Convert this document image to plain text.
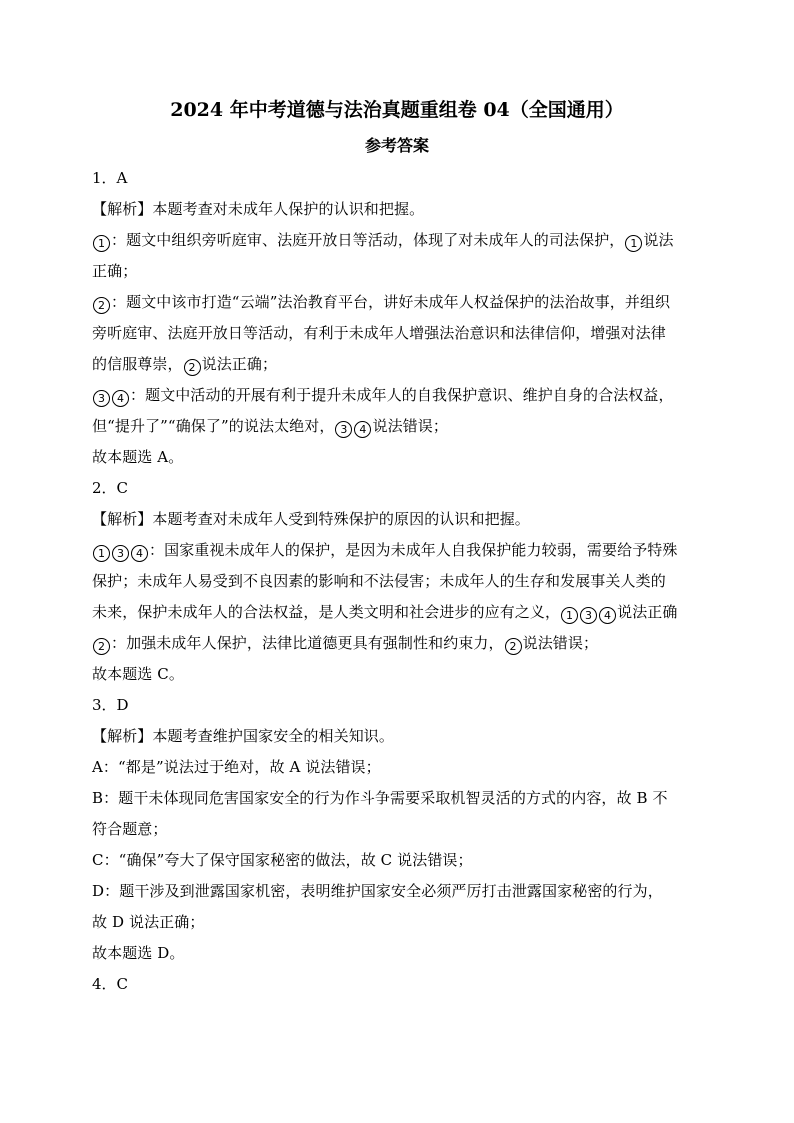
2024 年中考道德与法治真题重组卷 04（全国通用）
参考答案
1．A
【解析】本题考查对未成年人保护的认识和把握。
1 ：题文中组织旁听庭审、法庭开放日等活动，体现了对未成年人的司法保护， 1 说法
正确；
2 ：题文中该市打造“云端”法治教育平台，讲好未成年人权益保护的法治故事，并组织
旁听庭审、法庭开放日等活动，有利于未成年人增强法治意识和法律信仰，增强对法律
的信服尊崇， 2 说法正确；
3 4 ：题文中活动的开展有利于提升未成年人的自我保护意识、维护自身的合法权益，
但“提升了”“确保了”的说法太绝对， 3 4 说法错误；
故本题选 A。
2．C
【解析】本题考查对未成年人受到特殊保护的原因的认识和把握。
1 3 4 ：国家重视未成年人的保护，是因为未成年人自我保护能力较弱，需要给予特殊
保护；未成年人易受到不良因素的影响和不法侵害；未成年人的生存和发展事关人类的
未来，保护未成年人的合法权益，是人类文明和社会进步的应有之义， 1 3 4 说法正确
2 ：加强未成年人保护，法律比道德更具有强制性和约束力， 2 说法错误；
故本题选 C。
3．D
【解析】本题考查维护国家安全的相关知识。
A：“都是”说法过于绝对，故 A 说法错误；
B：题干未体现同危害国家安全的行为作斗争需要采取机智灵活的方式的内容，故 B 不
符合题意；
C：“确保”夸大了保守国家秘密的做法，故 C 说法错误；
D：题干涉及到泄露国家机密，表明维护国家安全必须严厉打击泄露国家秘密的行为，
故 D 说法正确；
故本题选 D。
4．C
